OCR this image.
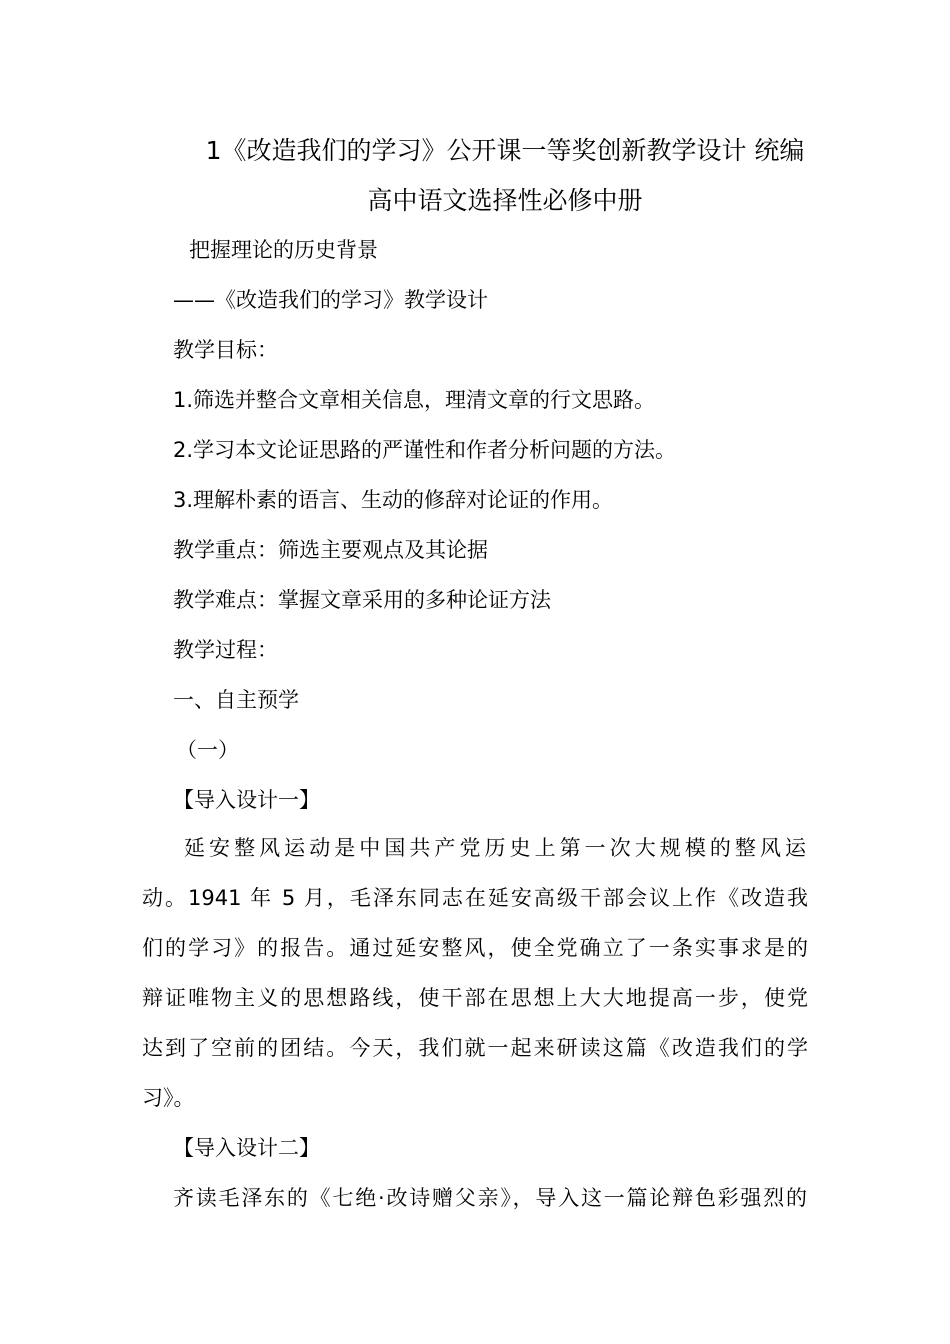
1《改造我们的学习》公开课一等奖创新教学设计 统编
高中语文选择性必修中册
把握理论的历史背景
——《改造我们的学习》教学设计
教学目标：
1.筛选并整合文章相关信息，理清文章的行文思路。
2.学习本文论证思路的严谨性和作者分析问题的方法。
3.理解朴素的语言、生动的修辞对论证的作用。
教学重点：筛选主要观点及其论据
教学难点：掌握文章采用的多种论证方法
教学过程：
一、自主预学
（一）
【导入设计一】
延安整风运动是中国共产党历史上第一次大规模的整风运
动。1941 年 5 月，毛泽东同志在延安高级干部会议上作《改造我
们的学习》的报告。通过延安整风，使全党确立了一条实事求是的
辩证唯物主义的思想路线，使干部在思想上大大地提高一步，使党
达到了空前的团结。今天，我们就一起来研读这篇《改造我们的学
习》。
【导入设计二】
齐读毛泽东的《七绝·改诗赠父亲》，导入这一篇论辩色彩强烈的
